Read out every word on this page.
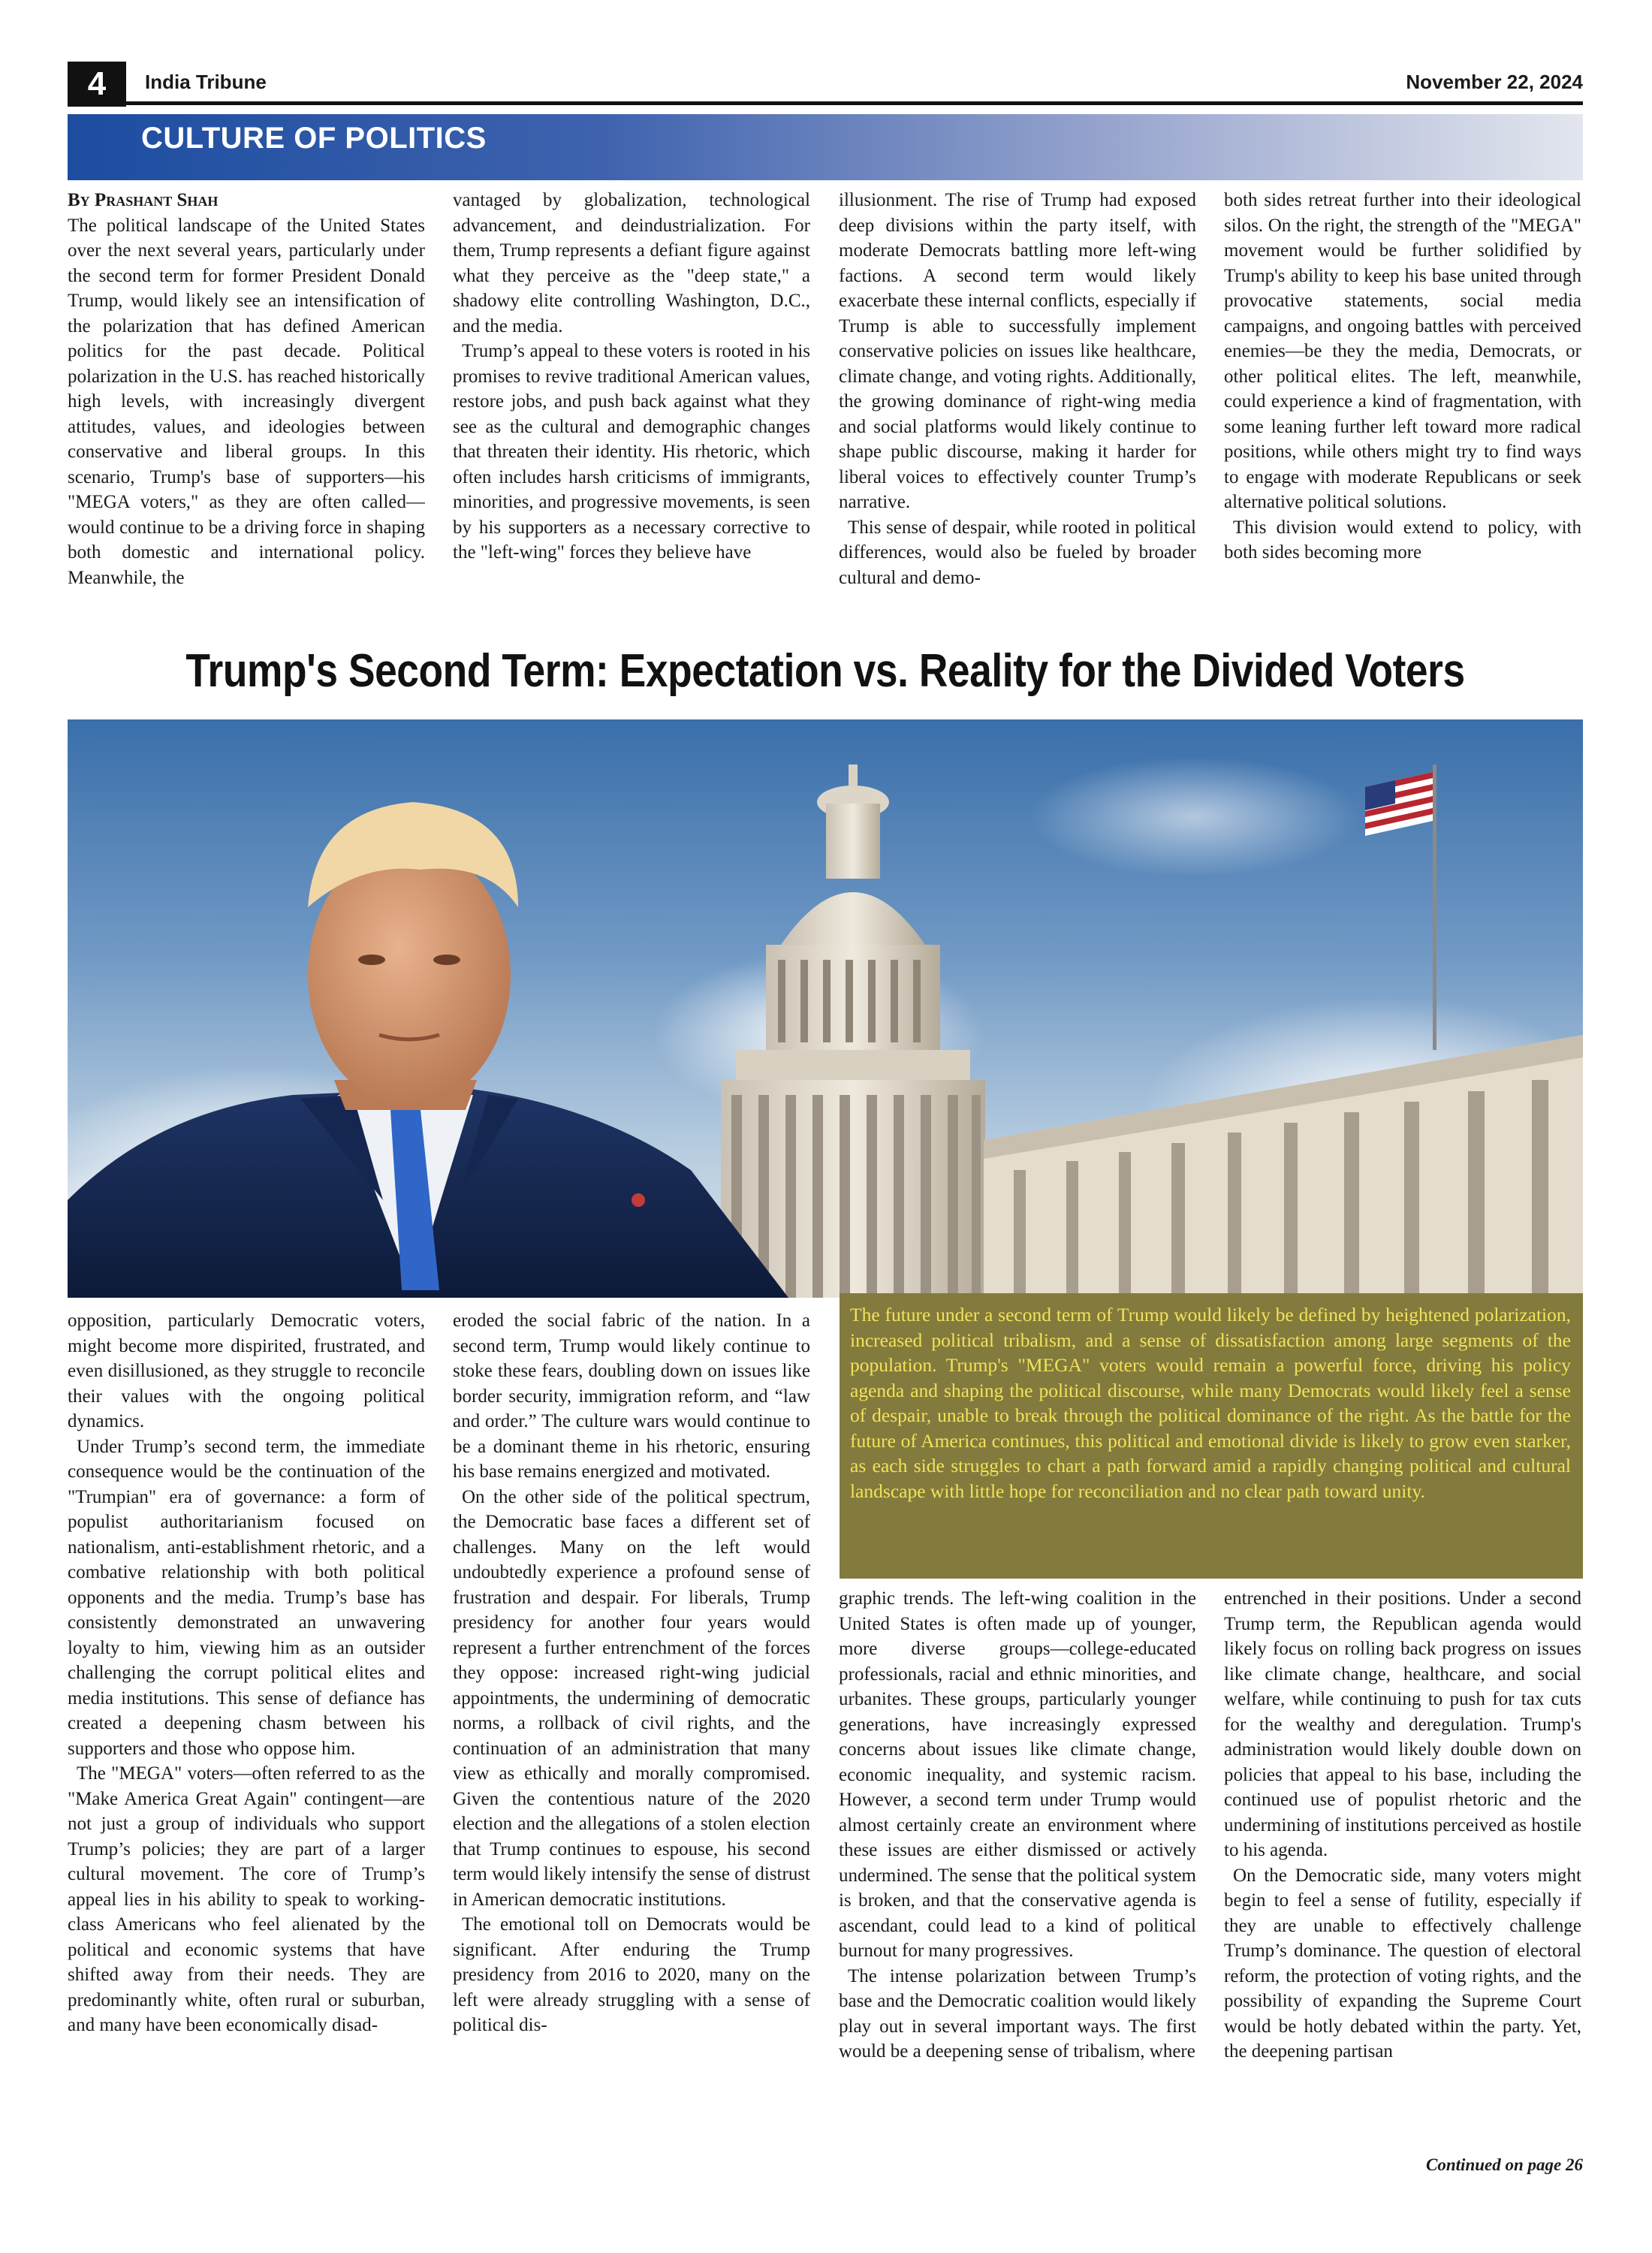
4	India Tribune	November 22, 2024
CULTURE OF POLITICS
By Prashant Shah

The political landscape of the United States over the next several years, particularly under the second term for former President Donald Trump, would likely see an intensification of the polarization that has defined American politics for the past decade. Political polarization in the U.S. has reached historically high levels, with increasingly divergent attitudes, values, and ideologies between conservative and liberal groups. In this scenario, Trump's base of supporters—his "MEGA voters," as they are often called—would continue to be a driving force in shaping both domestic and international policy. Meanwhile, the

vantaged by globalization, technological advancement, and deindustrialization. For them, Trump represents a defiant figure against what they perceive as the "deep state," a shadowy elite controlling Washington, D.C., and the media.

Trump’s appeal to these voters is rooted in his promises to revive traditional American values, restore jobs, and push back against what they see as the cultural and demographic changes that threaten their identity. His rhetoric, which often includes harsh criticisms of immigrants, minorities, and progressive movements, is seen by his supporters as a necessary corrective to the "left-wing" forces they believe have

illusionment. The rise of Trump had exposed deep divisions within the party itself, with moderate Democrats battling more left-wing factions. A second term would likely exacerbate these internal conflicts, especially if Trump is able to successfully implement conservative policies on issues like healthcare, climate change, and voting rights. Additionally, the growing dominance of right-wing media and social platforms would likely continue to shape public discourse, making it harder for liberal voices to effectively counter Trump’s narrative.

This sense of despair, while rooted in political differences, would also be fueled by broader cultural and demo-

both sides retreat further into their ideological silos. On the right, the strength of the "MEGA" movement would be further solidified by Trump's ability to keep his base united through provocative statements, social media campaigns, and ongoing battles with perceived enemies—be they the media, Democrats, or other political elites. The left, meanwhile, could experience a kind of fragmentation, with some leaning further left toward more radical positions, while others might try to find ways to engage with moderate Republicans or seek alternative political solutions.

This division would extend to policy, with both sides becoming more

Trump's Second Term: Expectation vs. Reality for the Divided Voters
The future under a second term of Trump would likely be defined by heightened polarization, increased political tribalism, and a sense of dissatisfaction among large segments of the population. Trump's "MEGA" voters would remain a powerful force, driving his policy agenda and shaping the political discourse, while many Democrats would likely feel a sense of despair, unable to break through the political dominance of the right. As the battle for the future of America continues, this political and emotional divide is likely to grow even starker, as each side struggles to chart a path forward amid a rapidly changing political and cultural landscape with little hope for reconciliation and no clear path toward unity.

opposition, particularly Democratic voters, might become more dispirited, frustrated, and even disillusioned, as they struggle to reconcile their values with the ongoing political dynamics.

Under Trump’s second term, the immediate consequence would be the continuation of the "Trumpian" era of governance: a form of populist authoritarianism focused on nationalism, anti-establishment rhetoric, and a combative relationship with both political opponents and the media. Trump’s base has consistently demonstrated an unwavering loyalty to him, viewing him as an outsider challenging the corrupt political elites and media institutions. This sense of defiance has created a deepening chasm between his supporters and those who oppose him.

The "MEGA" voters—often referred to as the "Make America Great Again" contingent—are not just a group of individuals who support Trump’s policies; they are part of a larger cultural movement. The core of Trump’s appeal lies in his ability to speak to working-class Americans who feel alienated by the political and economic systems that have shifted away from their needs. They are predominantly white, often rural or suburban, and many have been economically disad-

eroded the social fabric of the nation. In a second term, Trump would likely continue to stoke these fears, doubling down on issues like border security, immigration reform, and “law and order.” The culture wars would continue to be a dominant theme in his rhetoric, ensuring his base remains energized and motivated.

On the other side of the political spectrum, the Democratic base faces a different set of challenges. Many on the left would undoubtedly experience a profound sense of frustration and despair. For liberals, Trump presidency for another four years would represent a further entrenchment of the forces they oppose: increased right-wing judicial appointments, the undermining of democratic norms, a rollback of civil rights, and the continuation of an administration that many view as ethically and morally compromised. Given the contentious nature of the 2020 election and the allegations of a stolen election that Trump continues to espouse, his second term would likely intensify the sense of distrust in American democratic institutions.

The emotional toll on Democrats would be significant. After enduring the Trump presidency from 2016 to 2020, many on the left were already struggling with a sense of political dis-

graphic trends. The left-wing coalition in the United States is often made up of younger, more diverse groups—college-educated professionals, racial and ethnic minorities, and urbanites. These groups, particularly younger generations, have increasingly expressed concerns about issues like climate change, economic inequality, and systemic racism. However, a second term under Trump would almost certainly create an environment where these issues are either dismissed or actively undermined. The sense that the political system is broken, and that the conservative agenda is ascendant, could lead to a kind of political burnout for many progressives.

The intense polarization between Trump’s base and the Democratic coalition would likely play out in several important ways. The first would be a deepening sense of tribalism, where

entrenched in their positions. Under a second Trump term, the Republican agenda would likely focus on rolling back progress on issues like climate change, healthcare, and social welfare, while continuing to push for tax cuts for the wealthy and deregulation. Trump's administration would likely double down on policies that appeal to his base, including the continued use of populist rhetoric and the undermining of institutions perceived as hostile to his agenda.

On the Democratic side, many voters might begin to feel a sense of futility, especially if they are unable to effectively challenge Trump’s dominance. The question of electoral reform, the protection of voting rights, and the possibility of expanding the Supreme Court would be hotly debated within the party. Yet, the deepening partisan

Continued on page 26
